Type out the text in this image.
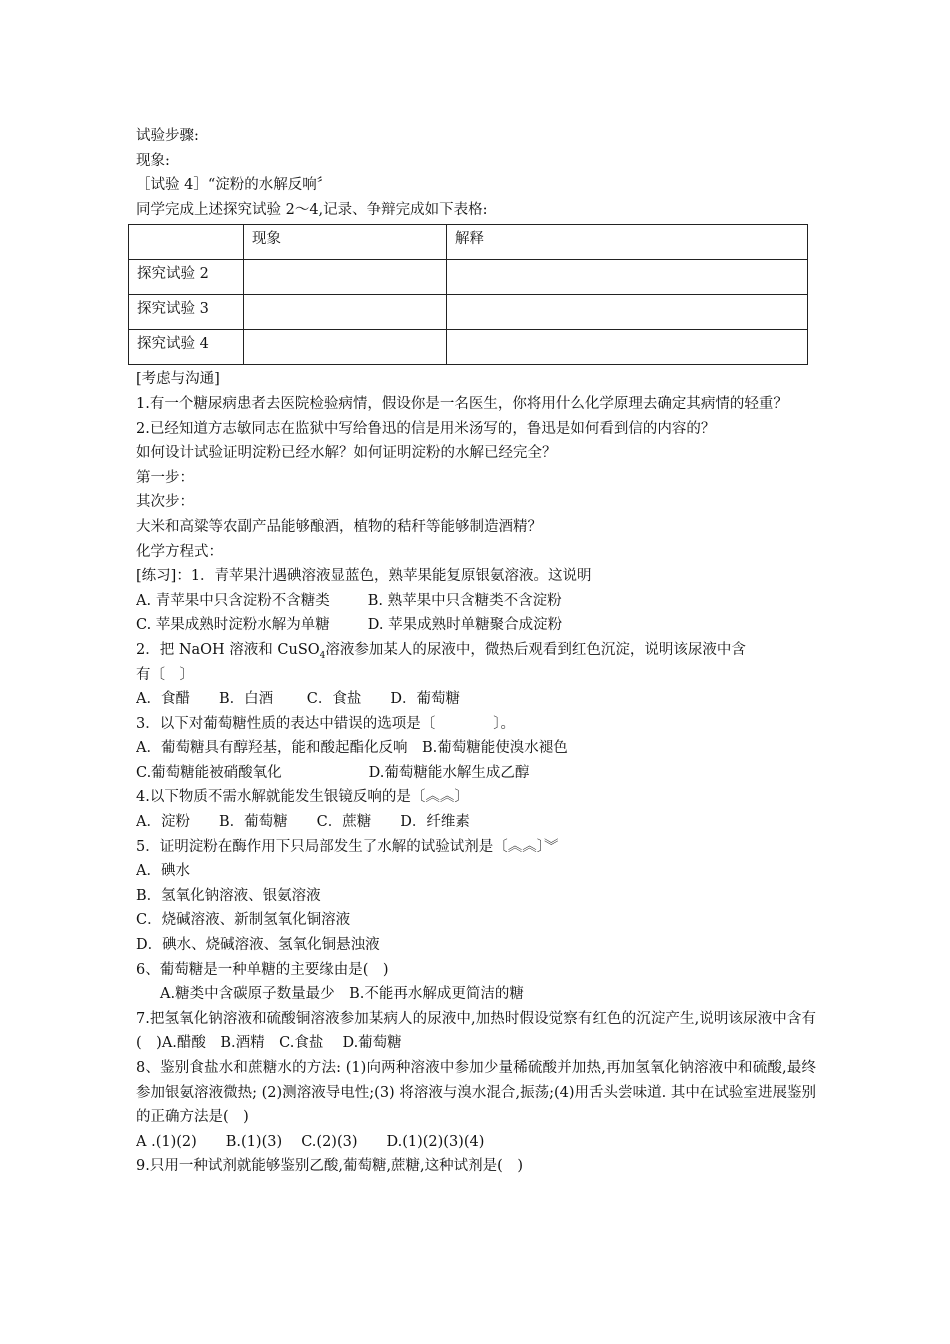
试验步骤:
现象:
［试验 4］“淀粉的水解反响〞
同学完成上述探究试验 2～4,记录、争辩完成如下表格:
	现象	解释
探究试验 2		
探究试验 3		
探究试验 4		
[考虑与沟通]
1.有一个糖尿病患者去医院检验病情，假设你是一名医生，你将用什么化学原理去确定其病情的轻重？
2.已经知道方志敏同志在监狱中写给鲁迅的信是用米汤写的，鲁迅是如何看到信的内容的？
如何设计试验证明淀粉已经水解？如何证明淀粉的水解已经完全？
第一步：
其次步：
大米和高粱等农副产品能够酿酒，植物的秸秆等能够制造酒精？
化学方程式：
[练习]：1．青苹果汁遇碘溶液显蓝色，熟苹果能复原银氨溶液。这说明
A. 青苹果中只含淀粉不含糖类	B. 熟苹果中只含糖类不含淀粉
C. 苹果成熟时淀粉水解为单糖	D. 苹果成熟时单糖聚合成淀粉
2．把 NaOH 溶液和 CuSO$_4$溶液参加某人的尿液中，微热后观看到红色沉淀，说明该尿液中含
有〔　〕
A．食醋　　B．白酒　　 C．食盐　　D．葡萄糖
3．以下对葡萄糖性质的表达中错误的选项是〔　　　　〕。
A．葡萄糖具有醇羟基，能和酸起酯化反响　B.葡萄糖能使溴水褪色
C.葡萄糖能被硝酸氧化　　　　　　D.葡萄糖能水解生成乙醇
4.以下物质不需水解就能发生银镜反响的是〔︽︽〕
A．淀粉　　B．葡萄糖　　C．蔗糖　　D．纤维素
5．证明淀粉在酶作用下只局部发生了水解的试验试剂是〔︽︽〕︾
A．碘水
B．氢氧化钠溶液、银氨溶液
C．烧碱溶液、新制氢氧化铜溶液
D．碘水、烧碱溶液、氢氧化铜悬浊液
6、葡萄糖是一种单糖的主要缘由是(　)
A.糖类中含碳原子数量最少　B.不能再水解成更简洁的糖
7.把氢氧化钠溶液和硫酸铜溶液参加某病人的尿液中,加热时假设觉察有红色的沉淀产生,说明该尿液中含有(　)A.醋酸　B.酒精　C.食盐　 D.葡萄糖
8、鉴别食盐水和蔗糖水的方法: (1)向两种溶液中参加少量稀硫酸并加热,再加氢氧化钠溶液中和硫酸,最终参加银氨溶液微热; (2)测溶液导电性;(3) 将溶液与溴水混合,振荡;(4)用舌头尝味道. 其中在试验室进展鉴别的正确方法是(　)
A .(1)(2)　　B.(1)(3)　 C.(2)(3)　　D.(1)(2)(3)(4)
9.只用一种试剂就能够鉴别乙酸,葡萄糖,蔗糖,这种试剂是(　)
